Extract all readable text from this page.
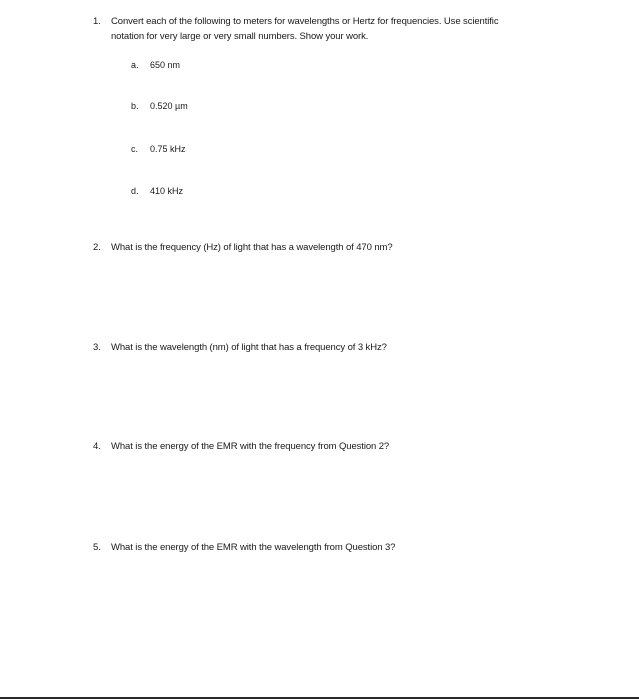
1. Convert each of the following to meters for wavelengths or Hertz for frequencies. Use scientific
notation for very large or very small numbers. Show your work.
a. 650 nm
b. 0.520 µm
c. 0.75 kHz
d. 410 kHz
2. What is the frequency (Hz) of light that has a wavelength of 470 nm?
3. What is the wavelength (nm) of light that has a frequency of 3 kHz?
4. What is the energy of the EMR with the frequency from Question 2?
5. What is the energy of the EMR with the wavelength from Question 3?
